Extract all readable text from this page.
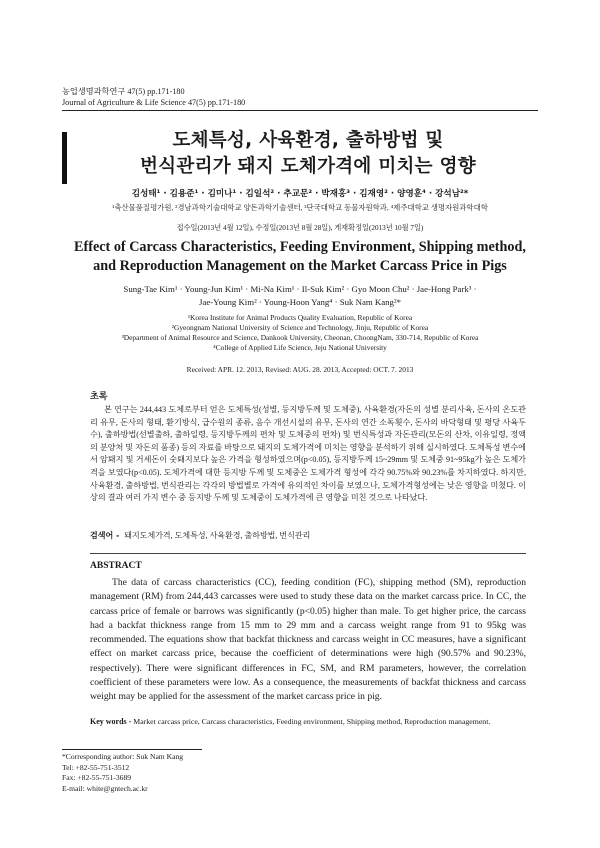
농업생명과학연구 47(5) pp.171-180
Journal of Agriculture & Life Science 47(5) pp.171-180
도체특성, 사육환경, 출하방법 및
번식관리가 돼지 도체가격에 미치는 영향
김성태¹ · 김용준¹ · 김미나¹ · 김일석² · 추교문² · 박재홍³ · 김재영² · 양영훈⁴ · 강석남²*
¹축산물품질평가원, ²경남과학기술대학교 양돈과학기술센터, ³단국대학교 동물자원학과, ⁴제주대학교 생명자원과학대학
접수일(2013년 4월 12일), 수정일(2013년 8월 28일), 게재확정일(2013년 10월 7일)
Effect of Carcass Characteristics, Feeding Environment, Shipping method,
and Reproduction Management on the Market Carcass Price in Pigs
Sung-Tae Kim¹ · Young-Jun Kim¹ · Mi-Na Kim¹ · Il-Suk Kim² · Gyo Moon Chu² · Jae-Hong Park³ ·
Jae-Young Kim² · Young-Hoon Yang⁴ · Suk Nam Kang²*
¹Korea Institute for Animal Products Quality Evaluation, Republic of Korea
²Gyeongnam National University of Science and Technology, Jinju, Republic of Korea
³Department of Animal Resource and Science, Dankook University, Cheonan, ChoongNam, 330-714, Republic of Korea
⁴College of Applied Life Science, Jeju National University
Received: APR. 12. 2013, Revised: AUG. 28. 2013, Accepted: OCT. 7. 2013
초록
본 연구는 244,443 도체로부터 얻은 도체특성(성별, 등지방두께 및 도체중), 사육환경(자돈의 성별 분리사육, 돈사의 온도관리 유무, 돈사의 형태, 환기방식, 급수원의 종류, 음수 개선시설의 유무, 돈사의 연간 소독횟수, 돈사의 바닥형태 및 평당 사육두수), 출하방법(선별출하, 출하일령, 등지방두께의 편차 및 도체중의 편차) 및 번식특성과 자돈관리(모돈의 산차, 이유일령, 정액의 분양처 및 자돈의 품종) 등의 자료를 바탕으로 돼지의 도체가격에 미치는 영향을 분석하기 위해 실시하였다. 도체특성 변수에서 암퇘지 및 거세돈이 숫퇘지보다 높은 가격을 형성하였으며(p<0.05), 등지방두께 15~29mm 및 도체중 91~95kg가 높은 도체가격을 보였다(p<0.05). 도체가격에 대한 등지방 두께 및 도체중은 도체가격 형성에 각각 90.75%와 90.23%를 차지하였다. 하지만, 사육환경, 출하방법, 번식관리는 각각의 방법별로 가격에 유의적인 차이를 보였으나, 도체가격형성에는 낮은 영향을 미쳤다. 이상의 결과 여러 가지 변수 중 등지방 두께 및 도체중이 도체가격에 큰 영향을 미친 것으로 나타났다.
검색어 - 돼지도체가격, 도체특성, 사육환경, 출하방법, 번식관리
ABSTRACT
The data of carcass characteristics (CC), feeding condition (FC), shipping method (SM), reproduction management (RM) from 244,443 carcasses were used to study these data on the market carcass price. In CC, the carcass price of female or barrows was significantly (p<0.05) higher than male. To get higher price, the carcass had a backfat thickness range from 15 mm to 29 mm and a carcass weight range from 91 to 95kg was recommended. The equations show that backfat thickness and carcass weight in CC measures, have a significant effect on market carcass price, because the coefficient of determinations were high (90.57% and 90.23%, respectively). There were significant differences in FC, SM, and RM parameters, however, the correlation coefficient of these parameters were low. As a consequence, the measurements of backfat thickness and carcass weight may be applied for the assessment of the market carcass price in pig.
Key words - Market carcass price, Carcass characteristics, Feeding environment, Shipping method, Reproduction management.
*Corresponding author: Suk Nam Kang
Tel: +82-55-751-3512
Fax: +82-55-751-3689
E-mail: white@gntech.ac.kr
